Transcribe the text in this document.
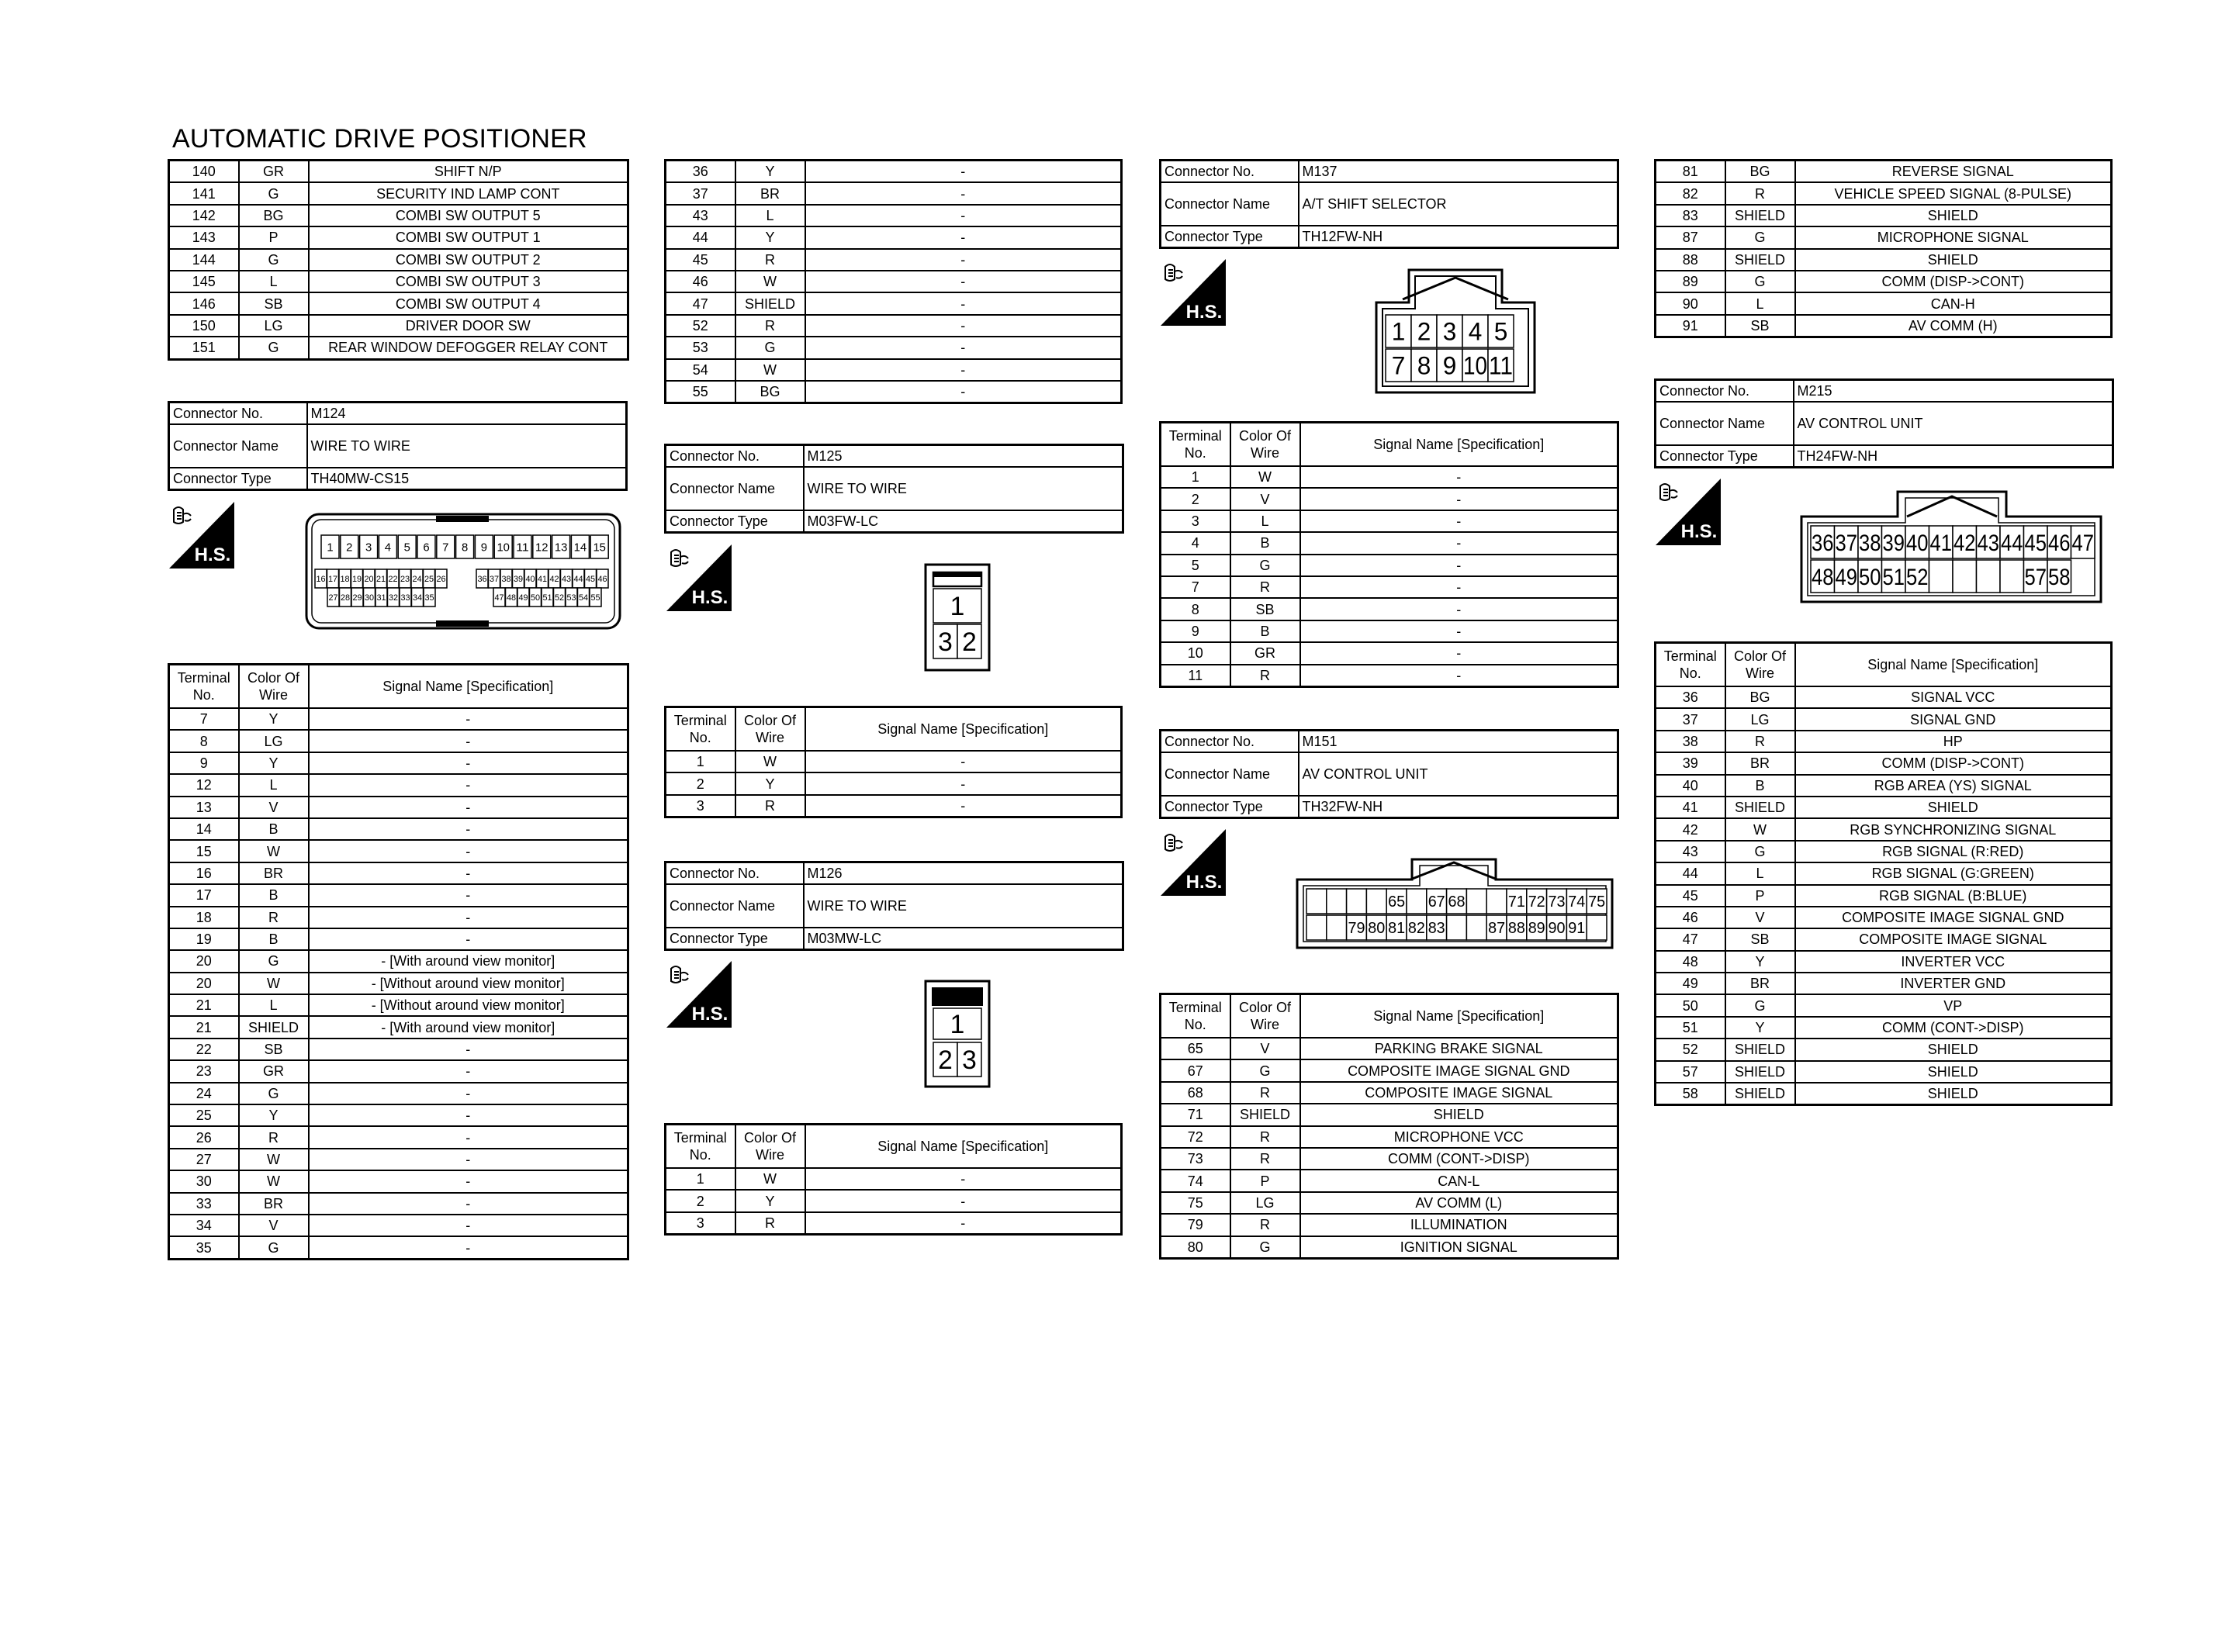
AUTOMATIC DRIVE POSITIONER
140	GR	SHIFT N/P
141	G	SECURITY IND LAMP CONT
142	BG	COMBI SW OUTPUT 5
143	P	COMBI SW OUTPUT 1
144	G	COMBI SW OUTPUT 2
145	L	COMBI SW OUTPUT 3
146	SB	COMBI SW OUTPUT 4
150	LG	DRIVER DOOR SW
151	G	REAR WINDOW DEFOGGER RELAY CONT
Connector No.	M124
Connector Name	WIRE TO WIRE
Connector Type	TH40MW-CS15
H.S.	1 2 3 4 5 6 7 8 9 10 11 12 13 14 15
16 17 18 19 20 21 22 23 24 25 26	36 37 38 39 40 41 42 43 44 45 46
27 28 29 30 31 32 33 34 35	47 48 49 50 51 52 53 54 55
Terminal No.	Color Of Wire	Signal Name [Specification]
7	Y	-
8	LG	-
9	Y	-
12	L	-
13	V	-
14	B	-
15	W	-
16	BR	-
17	B	-
18	R	-
19	B	-
20	G	- [With around view monitor]
20	W	- [Without around view monitor]
21	L	- [Without around view monitor]
21	SHIELD	- [With around view monitor]
22	SB	-
23	GR	-
24	G	-
25	Y	-
26	R	-
27	W	-
30	W	-
33	BR	-
34	V	-
35	G	-
36	Y	-
37	BR	-
43	L	-
44	Y	-
45	R	-
46	W	-
47	SHIELD	-
52	R	-
53	G	-
54	W	-
55	BG	-
Connector No.	M125
Connector Name	WIRE TO WIRE
Connector Type	M03FW-LC
H.S.	1
3 2
Terminal No.	Color Of Wire	Signal Name [Specification]
1	W	-
2	Y	-
3	R	-
Connector No.	M126
Connector Name	WIRE TO WIRE
Connector Type	M03MW-LC
H.S.	1
2 3
Terminal No.	Color Of Wire	Signal Name [Specification]
1	W	-
2	Y	-
3	R	-
Connector No.	M137
Connector Name	A/T SHIFT SELECTOR
Connector Type	TH12FW-NH
H.S.
1 2 3 4 5
7 8 9 10 11
Terminal No.	Color Of Wire	Signal Name [Specification]
1	W	-
2	V	-
3	L	-
4	B	-
5	G	-
7	R	-
8	SB	-
9	B	-
10	GR	-
11	R	-
Connector No.	M151
Connector Name	AV CONTROL UNIT
Connector Type	TH32FW-NH
H.S.
65 67 68	71 72 73 74 75
79 80 81 82 83	87 88 89 90 91
Terminal No.	Color Of Wire	Signal Name [Specification]
65	V	PARKING BRAKE SIGNAL
67	G	COMPOSITE IMAGE SIGNAL GND
68	R	COMPOSITE IMAGE SIGNAL
71	SHIELD	SHIELD
72	R	MICROPHONE VCC
73	R	COMM (CONT->DISP)
74	P	CAN-L
75	LG	AV COMM (L)
79	R	ILLUMINATION
80	G	IGNITION SIGNAL
81	BG	REVERSE SIGNAL
82	R	VEHICLE SPEED SIGNAL (8-PULSE)
83	SHIELD	SHIELD
87	G	MICROPHONE SIGNAL
88	SHIELD	SHIELD
89	G	COMM (DISP->CONT)
90	L	CAN-H
91	SB	AV COMM (H)
Connector No.	M215
Connector Name	AV CONTROL UNIT
Connector Type	TH24FW-NH
H.S.	36 37 38 39 40 41 42 43 44 45 46 47
48 49 50 51 52	57 58
Terminal No.	Color Of Wire	Signal Name [Specification]
36	BG	SIGNAL VCC
37	LG	SIGNAL GND
38	R	HP
39	BR	COMM (DISP->CONT)
40	B	RGB AREA (YS) SIGNAL
41	SHIELD	SHIELD
42	W	RGB SYNCHRONIZING SIGNAL
43	G	RGB SIGNAL (R:RED)
44	L	RGB SIGNAL (G:GREEN)
45	P	RGB SIGNAL (B:BLUE)
46	V	COMPOSITE IMAGE SIGNAL GND
47	SB	COMPOSITE IMAGE SIGNAL
48	Y	INVERTER VCC
49	BR	INVERTER GND
50	G	VP
51	Y	COMM (CONT->DISP)
52	SHIELD	SHIELD
57	SHIELD	SHIELD
58	SHIELD	SHIELD
